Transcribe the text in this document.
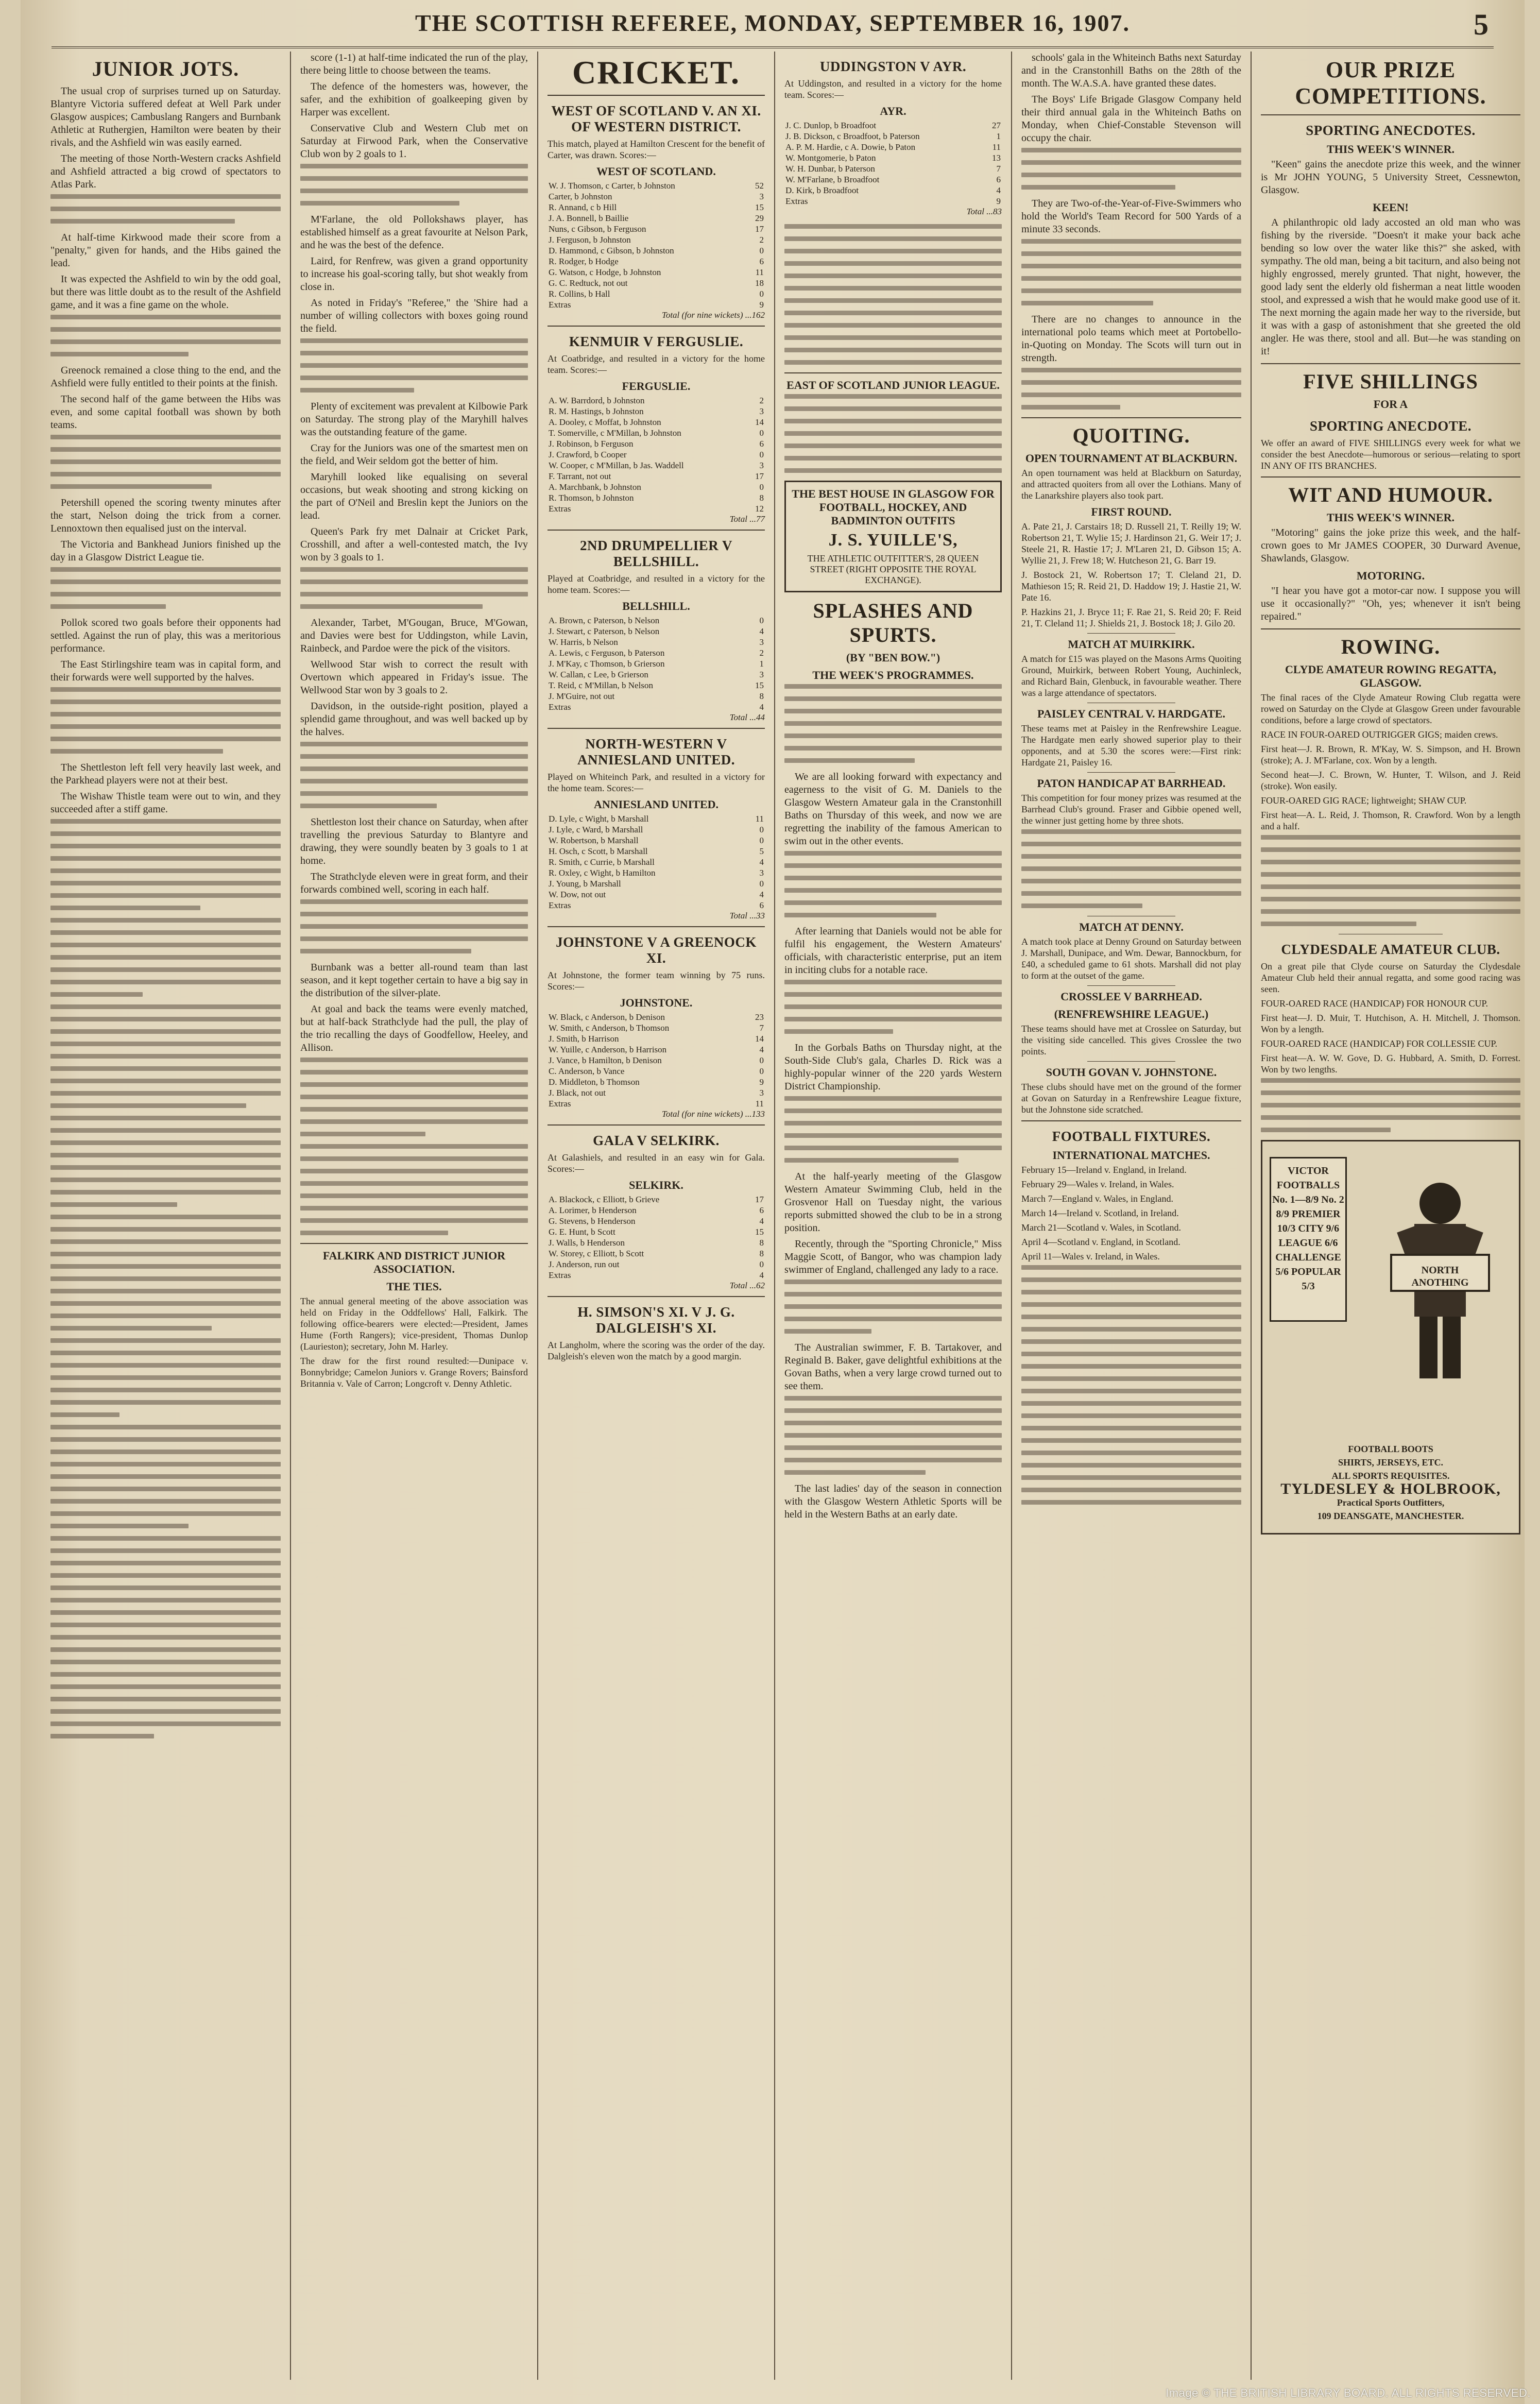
THE SCOTTISH REFEREE, MONDAY, SEPTEMBER 16, 1907.	5
JUNIOR JOTS.

The usual crop of surprises turned up on Saturday. Blantyre Victoria suffered defeat at Well Park under Glasgow auspices; Cambuslang Rangers and Burnbank Athletic at Ruthergien, Hamilton were beaten by their rivals, and the Ashfield win was easily earned.

The meeting of those North-Western cracks Ashfield and Ashfield attracted a big crowd of spectators to Atlas Park.

At half-time Kirkwood made their score from a "penalty," given for hands, and the Hibs gained the lead.

It was expected the Ashfield to win by the odd goal, but there was little doubt as to the result of the Ashfield game, and it was a fine game on the whole.

Greenock remained a close thing to the end, and the Ashfield were fully entitled to their points at the finish.

The second half of the game between the Hibs was even, and some capital football was shown by both teams.

Petershill opened the scoring twenty minutes after the start, Nelson doing the trick from a corner. Lennoxtown then equalised just on the interval.

The Victoria and Bankhead Juniors finished up the day in a Glasgow District League tie.

Pollok scored two goals before their opponents had settled. Against the run of play, this was a meritorious performance.

The East Stirlingshire team was in capital form, and their forwards were well supported by the halves.

The Shettleston left fell very heavily last week, and the Parkhead players were not at their best.

The Wishaw Thistle team were out to win, and they succeeded after a stiff game.

score (1-1) at half-time indicated the run of the play, there being little to choose between the teams.

The defence of the homesters was, however, the safer, and the exhibition of goalkeeping given by Harper was excellent.

Conservative Club and Western Club met on Saturday at Firwood Park, when the Conservative Club won by 2 goals to 1.

M'Farlane, the old Pollokshaws player, has established himself as a great favourite at Nelson Park, and he was the best of the defence.

Laird, for Renfrew, was given a grand opportunity to increase his goal-scoring tally, but shot weakly from close in.

As noted in Friday's "Referee," the 'Shire had a number of willing collectors with boxes going round the field.

Plenty of excitement was prevalent at Kilbowie Park on Saturday. The strong play of the Maryhill halves was the outstanding feature of the game.

Cray for the Juniors was one of the smartest men on the field, and Weir seldom got the better of him.

Maryhill looked like equalising on several occasions, but weak shooting and strong kicking on the part of O'Neil and Breslin kept the Juniors on the lead.

Queen's Park fry met Dalnair at Cricket Park, Crosshill, and after a well-contested match, the Ivy won by 3 goals to 1.

Alexander, Tarbet, M'Gougan, Bruce, M'Gowan, and Davies were best for Uddingston, while Lavin, Rainbeck, and Pardoe were the pick of the visitors.

Wellwood Star wish to correct the result with Overtown which appeared in Friday's issue. The Wellwood Star won by 3 goals to 2.

Davidson, in the outside-right position, played a splendid game throughout, and was well backed up by the halves.

Shettleston lost their chance on Saturday, when after travelling the previous Saturday to Blantyre and drawing, they were soundly beaten by 3 goals to 1 at home.

The Strathclyde eleven were in great form, and their forwards combined well, scoring in each half.

Burnbank was a better all-round team than last season, and it kept together certain to have a big say in the distribution of the silver-plate.

At goal and back the teams were evenly matched, but at half-back Strathclyde had the pull, the play of the trio recalling the days of Goodfellow, Heeley, and Allison.

FALKIRK AND DISTRICT JUNIOR ASSOCIATION.
THE TIES.

The annual general meeting of the above association was held on Friday in the Oddfellows' Hall, Falkirk. The following office-bearers were elected:—President, James Hume (Forth Rangers); vice-president, Thomas Dunlop (Laurieston); secretary, John M. Harley.

The draw for the first round resulted:—Dunipace v. Bonnybridge; Camelon Juniors v. Grange Rovers; Bainsford Britannia v. Vale of Carron; Longcroft v. Denny Athletic.

CRICKET.
WEST OF SCOTLAND V. AN XI. OF WESTERN DISTRICT.

This match, played at Hamilton Crescent for the benefit of Carter, was drawn. Scores:—

WEST OF SCOTLAND.
W. J. Thomson, c Carter, b Johnston	52
Carter, b Johnston	3
R. Annand, c b Hill	15
J. A. Bonnell, b Baillie	29
Nuns, c Gibson, b Ferguson	17
J. Ferguson, b Johnston	2
D. Hammond, c Gibson, b Johnston	0
R. Rodger, b Hodge	6
G. Watson, c Hodge, b Johnston	11
G. C. Redtuck, not out	18
R. Collins, b Hall	0
Extras	9
Total (for nine wickets) ...162
KENMUIR V FERGUSLIE.

At Coatbridge, and resulted in a victory for the home team. Scores:—

FERGUSLIE.
A. W. Barrdord, b Johnston	2
R. M. Hastings, b Johnston	3
A. Dooley, c Moffat, b Johnston	14
T. Somerville, c M'Millan, b Johnston	0
J. Robinson, b Ferguson	6
J. Crawford, b Cooper	0
W. Cooper, c M'Millan, b Jas. Waddell	3
F. Tarrant, not out	17
A. Marchbank, b Johnston	0
R. Thomson, b Johnston	8
Extras	12
Total ...77
2ND DRUMPELLIER V BELLSHILL.

Played at Coatbridge, and resulted in a victory for the home team. Scores:—

BELLSHILL.
A. Brown, c Paterson, b Nelson	0
J. Stewart, c Paterson, b Nelson	4
W. Harris, b Nelson	3
A. Lewis, c Ferguson, b Paterson	2
J. M'Kay, c Thomson, b Grierson	1
W. Callan, c Lee, b Grierson	3
T. Reid, c M'Millan, b Nelson	15
J. M'Guire, not out	8
Extras	4
Total ...44
NORTH-WESTERN V ANNIESLAND UNITED.

Played on Whiteinch Park, and resulted in a victory for the home team. Scores:—

ANNIESLAND UNITED.
D. Lyle, c Wight, b Marshall	11
J. Lyle, c Ward, b Marshall	0
W. Robertson, b Marshall	0
H. Osch, c Scott, b Marshall	5
R. Smith, c Currie, b Marshall	4
R. Oxley, c Wight, b Hamilton	3
J. Young, b Marshall	0
W. Dow, not out	4
Extras	6
Total ...33
JOHNSTONE V A GREENOCK XI.

At Johnstone, the former team winning by 75 runs. Scores:—

JOHNSTONE.
W. Black, c Anderson, b Denison	23
W. Smith, c Anderson, b Thomson	7
J. Smith, b Harrison	14
W. Yuille, c Anderson, b Harrison	4
J. Vance, b Hamilton, b Denison	0
C. Anderson, b Vance	0
D. Middleton, b Thomson	9
J. Black, not out	3
Extras	11
Total (for nine wickets) ...133
GALA V SELKIRK.

At Galashiels, and resulted in an easy win for Gala. Scores:—

SELKIRK.
A. Blackock, c Elliott, b Grieve	17
A. Lorimer, b Henderson	6
G. Stevens, b Henderson	4
G. E. Hunt, b Scott	15
J. Walls, b Henderson	8
W. Storey, c Elliott, b Scott	8
J. Anderson, run out	0
Extras	4
Total ...62
H. SIMSON'S XI. V J. G. DALGLEISH'S XI.

At Langholm, where the scoring was the order of the day. Dalgleish's eleven won the match by a good margin.

UDDINGSTON V AYR.

At Uddingston, and resulted in a victory for the home team. Scores:—

AYR.
J. C. Dunlop, b Broadfoot	27
J. B. Dickson, c Broadfoot, b Paterson	1
A. P. M. Hardie, c A. Dowie, b Paton	11
W. Montgomerie, b Paton	13
W. H. Dunbar, b Paterson	7
W. M'Farlane, b Broadfoot	6
D. Kirk, b Broadfoot	4
Extras	9
Total ...83
EAST OF SCOTLAND JUNIOR LEAGUE.
THE BEST HOUSE IN GLASGOW FOR FOOTBALL, HOCKEY, AND BADMINTON OUTFITS
J. S. YUILLE'S,
THE ATHLETIC OUTFITTER'S, 28 QUEEN STREET (RIGHT OPPOSITE THE ROYAL EXCHANGE).
SPLASHES AND SPURTS.
(BY "BEN BOW.")
THE WEEK'S PROGRAMMES.

We are all looking forward with expectancy and eagerness to the visit of G. M. Daniels to the Glasgow Western Amateur gala in the Cranstonhill Baths on Thursday of this week, and now we are regretting the inability of the famous American to swim out in the other events.

After learning that Daniels would not be able for fulfil his engagement, the Western Amateurs' officials, with characteristic enterprise, put an item in inciting clubs for a notable race.

In the Gorbals Baths on Thursday night, at the South-Side Club's gala, Charles D. Rick was a highly-popular winner of the 220 yards Western District Championship.

At the half-yearly meeting of the Glasgow Western Amateur Swimming Club, held in the Grosvenor Hall on Tuesday night, the various reports submitted showed the club to be in a strong position.

Recently, through the "Sporting Chronicle," Miss Maggie Scott, of Bangor, who was champion lady swimmer of England, challenged any lady to a race.

The Australian swimmer, F. B. Tartakover, and Reginald B. Baker, gave delightful exhibitions at the Govan Baths, when a very large crowd turned out to see them.

The last ladies' day of the season in connection with the Glasgow Western Athletic Sports will be held in the Western Baths at an early date.

schools' gala in the Whiteinch Baths next Saturday and in the Cranstonhill Baths on the 28th of the month. The W.A.S.A. have granted these dates.

The Boys' Life Brigade Glasgow Company held their third annual gala in the Whiteinch Baths on Monday, when Chief-Constable Stevenson will occupy the chair.

They are Two-of-the-Year-of-Five-Swimmers who hold the World's Team Record for 500 Yards of a minute 33 seconds.

There are no changes to announce in the international polo teams which meet at Portobello-in-Quoting on Monday. The Scots will turn out in strength.

QUOITING.
OPEN TOURNAMENT AT BLACKBURN.

An open tournament was held at Blackburn on Saturday, and attracted quoiters from all over the Lothians. Many of the Lanarkshire players also took part.

FIRST ROUND.

A. Pate 21, J. Carstairs 18; D. Russell 21, T. Reilly 19; W. Robertson 21, T. Wylie 15; J. Hardinson 21, G. Weir 17; J. Steele 21, R. Hastie 17; J. M'Laren 21, D. Gibson 15; A. Wyllie 21, J. Frew 18; W. Hutcheson 21, G. Barr 19.

J. Bostock 21, W. Robertson 17; T. Cleland 21, D. Mathieson 15; R. Reid 21, D. Haddow 19; J. Hastie 21, W. Pate 16.

P. Hazkins 21, J. Bryce 11; F. Rae 21, S. Reid 20; F. Reid 21, T. Cleland 11; J. Shields 21, J. Bostock 18; J. Gilo 20.

MATCH AT MUIRKIRK.

A match for £15 was played on the Masons Arms Quoiting Ground, Muirkirk, between Robert Young, Auchinleck, and Richard Bain, Glenbuck, in favourable weather. There was a large attendance of spectators.

PAISLEY CENTRAL V. HARDGATE.

These teams met at Paisley in the Renfrewshire League. The Hardgate men early showed superior play to their opponents, and at 5.30 the scores were:—First rink: Hardgate 21, Paisley 16.

PATON HANDICAP AT BARRHEAD.

This competition for four money prizes was resumed at the Barrhead Club's ground. Fraser and Gibbie opened well, the winner just getting home by three shots.

MATCH AT DENNY.

A match took place at Denny Ground on Saturday between J. Marshall, Dunipace, and Wm. Dewar, Bannockburn, for £40, a scheduled game to 61 shots. Marshall did not play to form at the outset of the game.

CROSSLEE V BARRHEAD.
(RENFREWSHIRE LEAGUE.)

These teams should have met at Crosslee on Saturday, but the visiting side cancelled. This gives Crosslee the two points.

SOUTH GOVAN V. JOHNSTONE.

These clubs should have met on the ground of the former at Govan on Saturday in a Renfrewshire League fixture, but the Johnstone side scratched.

FOOTBALL FIXTURES.
INTERNATIONAL MATCHES.

February 15—Ireland v. England, in Ireland.

February 29—Wales v. Ireland, in Wales.

March 7—England v. Wales, in England.

March 14—Ireland v. Scotland, in Ireland.

March 21—Scotland v. Wales, in Scotland.

April 4—Scotland v. England, in Scotland.

April 11—Wales v. Ireland, in Wales.

OUR PRIZE COMPETITIONS.
SPORTING ANECDOTES.
THIS WEEK'S WINNER.

"Keen" gains the anecdote prize this week, and the winner is Mr JOHN YOUNG, 5 University Street, Cessnewton, Glasgow.

KEEN!

A philanthropic old lady accosted an old man who was fishing by the riverside. "Doesn't it make your back ache bending so low over the water like this?" she asked, with sympathy. The old man, being a bit taciturn, and also being not highly engrossed, merely grunted. That night, however, the good lady sent the elderly old fisherman a neat little wooden stool, and expressed a wish that he would make good use of it. The next morning the again made her way to the riverside, but it was with a gasp of astonishment that she greeted the old angler. He was there, stool and all. But—he was standing on it!

FIVE SHILLINGS
FOR A
SPORTING ANECDOTE.

We offer an award of FIVE SHILLINGS every week for what we consider the best Anecdote—humorous or serious—relating to sport IN ANY OF ITS BRANCHES.

WIT AND HUMOUR.
THIS WEEK'S WINNER.

"Motoring" gains the joke prize this week, and the half-crown goes to Mr JAMES COOPER, 30 Durward Avenue, Shawlands, Glasgow.

MOTORING.

"I hear you have got a motor-car now. I suppose you will use it occasionally?" "Oh, yes; whenever it isn't being repaired."

ROWING.
CLYDE AMATEUR ROWING REGATTA, GLASGOW.

The final races of the Clyde Amateur Rowing Club regatta were rowed on Saturday on the Clyde at Glasgow Green under favourable conditions, before a large crowd of spectators.

RACE IN FOUR-OARED OUTRIGGER GIGS; maiden crews.

First heat—J. R. Brown, R. M'Kay, W. S. Simpson, and H. Brown (stroke); A. J. M'Farlane, cox. Won by a length.

Second heat—J. C. Brown, W. Hunter, T. Wilson, and J. Reid (stroke). Won easily.

FOUR-OARED GIG RACE; lightweight; SHAW CUP.

First heat—A. L. Reid, J. Thomson, R. Crawford. Won by a length and a half.

CLYDESDALE AMATEUR CLUB.

On a great pile that Clyde course on Saturday the Clydesdale Amateur Club held their annual regatta, and some good racing was seen.

FOUR-OARED RACE (HANDICAP) FOR HONOUR CUP.

First heat—J. D. Muir, T. Hutchison, A. H. Mitchell, J. Thomson. Won by a length.

FOUR-OARED RACE (HANDICAP) FOR COLLESSIE CUP.

First heat—A. W. W. Gove, D. G. Hubbard, A. Smith, D. Forrest. Won by two lengths.

VICTOR FOOTBALLS No. 1—8/9 No. 2 8/9 PREMIER 10/3 CITY 9/6 LEAGUE 6/6 CHALLENGE 5/6 POPULAR 5/3
NORTH ANOTHING
FOOTBALL BOOTS
SHIRTS, JERSEYS, ETC.
ALL SPORTS REQUISITES.
TYLDESLEY & HOLBROOK,
Practical Sports Outfitters,
109 DEANSGATE, MANCHESTER.
Image © THE BRITISH LIBRARY BOARD. ALL RIGHTS RESERVED.
